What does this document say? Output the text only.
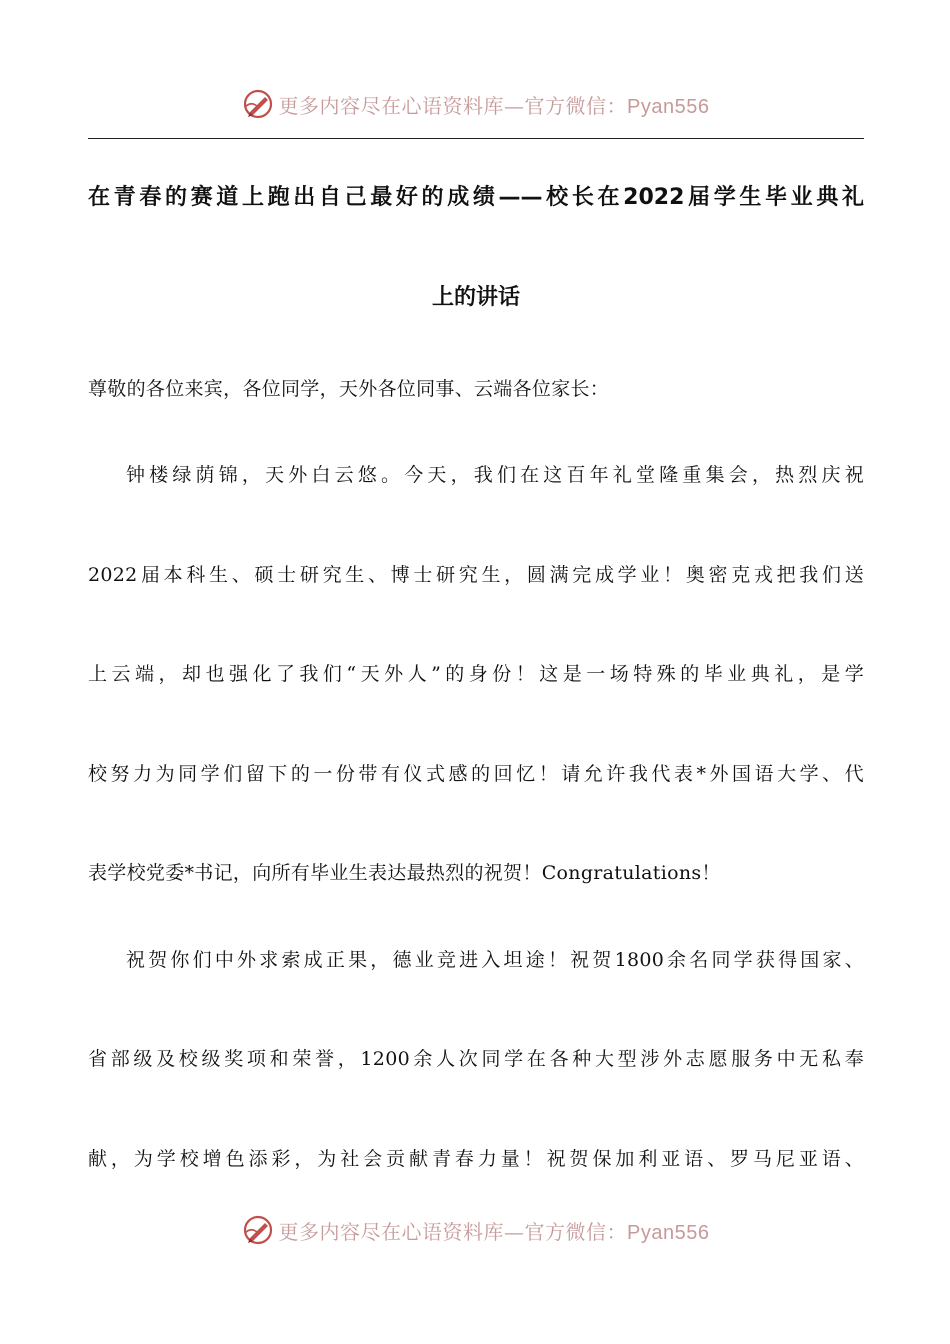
更多内容尽在心语资料库—官方微信：Pyan556
在青春的赛道上跑出自己最好的成绩——校长在2022届学生毕业典礼
上的讲话
尊敬的各位来宾，各位同学，天外各位同事、云端各位家长：
钟楼绿荫锦，天外白云悠。今天，我们在这百年礼堂隆重集会，热烈庆祝
2022届本科生、硕士研究生、博士研究生，圆满完成学业！奥密克戎把我们送
上云端，却也强化了我们“天外人”的身份！这是一场特殊的毕业典礼，是学
校努力为同学们留下的一份带有仪式感的回忆！请允许我代表*外国语大学、代
表学校党委*书记，向所有毕业生表达最热烈的祝贺！Congratulations！
祝贺你们中外求索成正果，德业竞进入坦途！祝贺1800余名同学获得国家、
省部级及校级奖项和荣誉，1200余人次同学在各种大型涉外志愿服务中无私奉
献，为学校增色添彩，为社会贡献青春力量！祝贺保加利亚语、罗马尼亚语、
更多内容尽在心语资料库—官方微信：Pyan556
